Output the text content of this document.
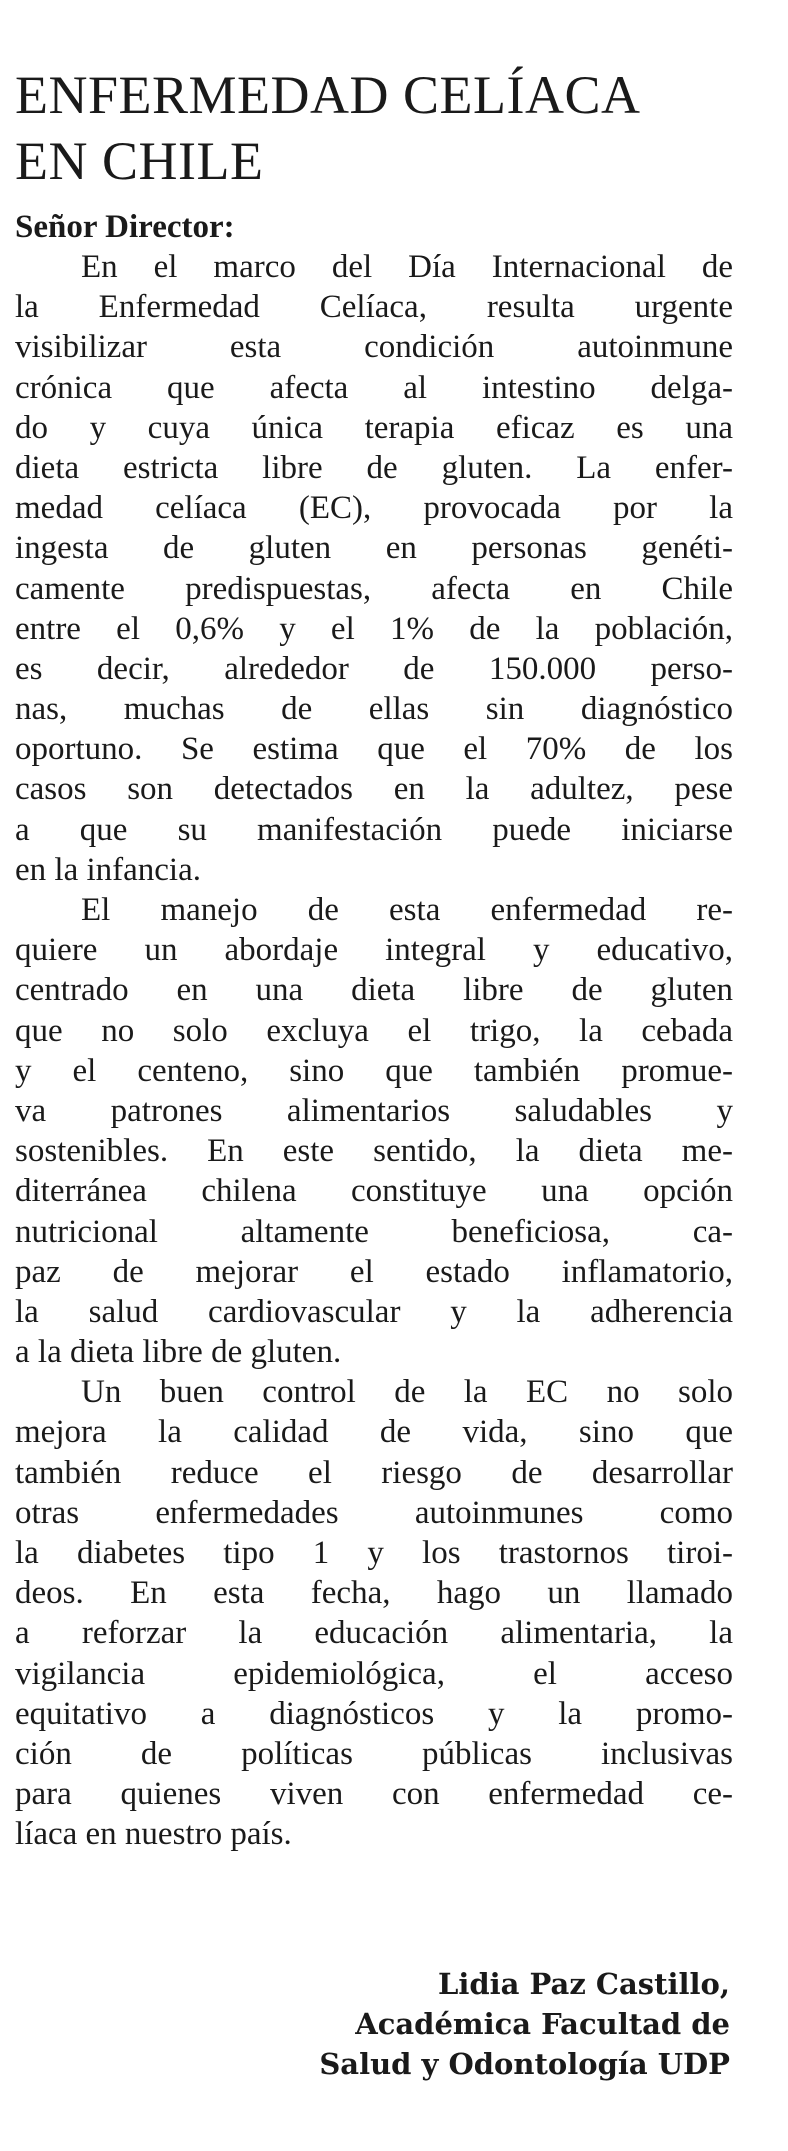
ENFERMEDAD CELÍACA
EN CHILE
Señor Director:
En el marco del Día Internacional de
la Enfermedad Celíaca, resulta urgente
visibilizar esta condición autoinmune
crónica que afecta al intestino delga-
do y cuya única terapia eficaz es una
dieta estricta libre de gluten. La enfer-
medad celíaca (EC), provocada por la
ingesta de gluten en personas genéti-
camente predispuestas, afecta en Chile
entre el 0,6% y el 1% de la población,
es decir, alrededor de 150.000 perso-
nas, muchas de ellas sin diagnóstico
oportuno. Se estima que el 70% de los
casos son detectados en la adultez, pese
a que su manifestación puede iniciarse
en la infancia.
El manejo de esta enfermedad re-
quiere un abordaje integral y educativo,
centrado en una dieta libre de gluten
que no solo excluya el trigo, la cebada
y el centeno, sino que también promue-
va patrones alimentarios saludables y
sostenibles. En este sentido, la dieta me-
diterránea chilena constituye una opción
nutricional altamente beneficiosa, ca-
paz de mejorar el estado inflamatorio,
la salud cardiovascular y la adherencia
a la dieta libre de gluten.
Un buen control de la EC no solo
mejora la calidad de vida, sino que
también reduce el riesgo de desarrollar
otras enfermedades autoinmunes como
la diabetes tipo 1 y los trastornos tiroi-
deos. En esta fecha, hago un llamado
a reforzar la educación alimentaria, la
vigilancia epidemiológica, el acceso
equitativo a diagnósticos y la promo-
ción de políticas públicas inclusivas
para quienes viven con enfermedad ce-
líaca en nuestro país.
Lidia Paz Castillo,
Académica Facultad de
Salud y Odontología UDP
